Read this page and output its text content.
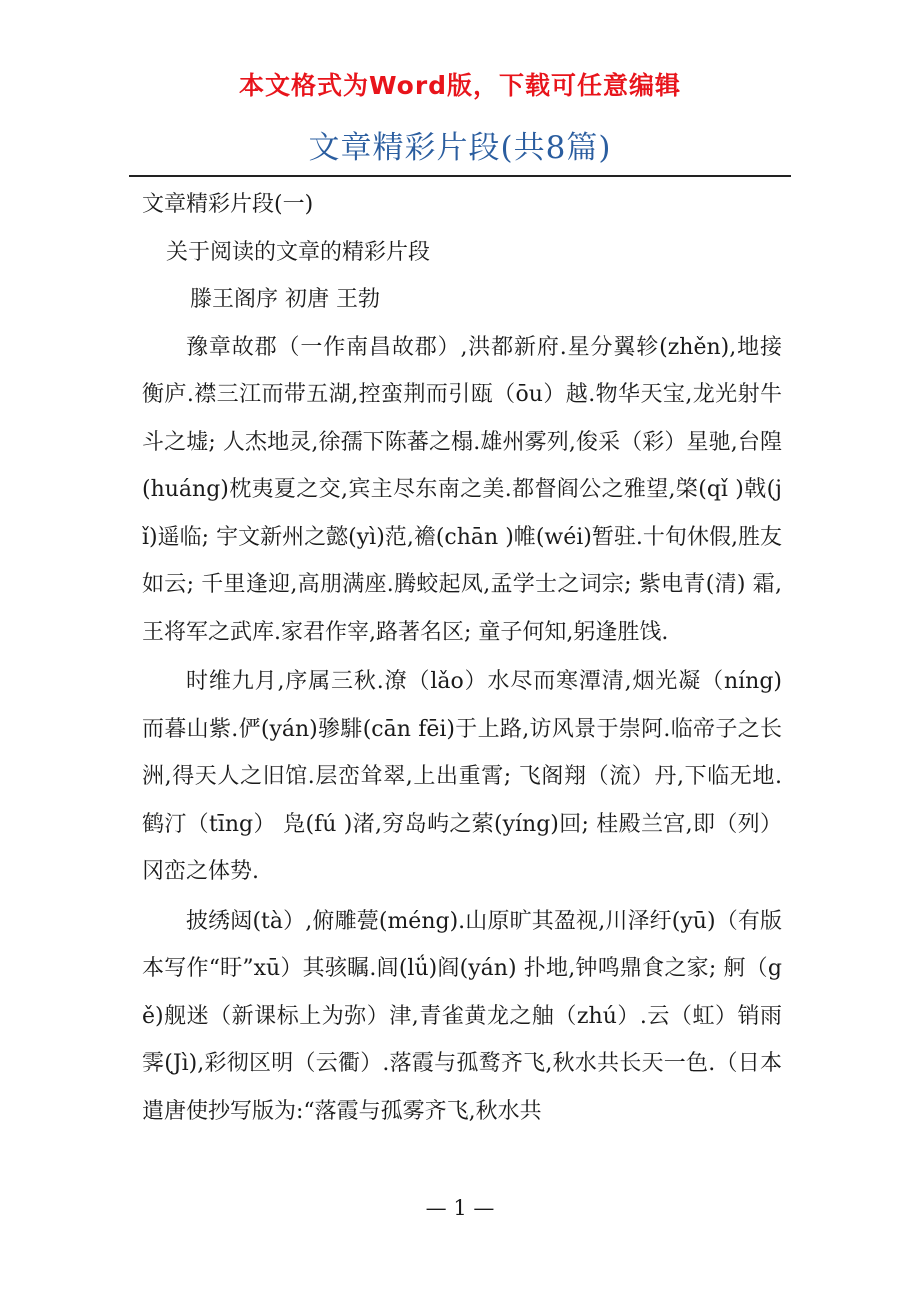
本文格式为Word版，下载可任意编辑
文章精彩片段(共8篇)

文章精彩片段(一)

关于阅读的文章的精彩片段

滕王阁序 初唐 王勃

豫章故郡（一作南昌故郡）,洪都新府.星分翼轸(zhěn),地接衡庐.襟三江而带五湖,控蛮荆而引瓯（ōu）越.物华天宝,龙光射牛斗之墟; 人杰地灵,徐孺下陈蕃之榻.雄州雾列,俊采（彩）星驰,台隍(huáng)枕夷夏之交,宾主尽东南之美.都督阎公之雅望,棨(qǐ )戟(jǐ)遥临; 宇文新州之懿(yì)范,襜(chān )帷(wéi)暂驻.十旬休假,胜友如云; 千里逢迎,高朋满座.腾蛟起凤,孟学士之词宗; 紫电青(清) 霜,王将军之武库.家君作宰,路著名区; 童子何知,躬逢胜饯.

时维九月,序属三秋.潦（lǎo）水尽而寒潭清,烟光凝（níng)而暮山紫.俨(yán)骖騑(cān fēi)于上路,访风景于崇阿.临帝子之长洲,得天人之旧馆.层峦耸翠,上出重霄; 飞阁翔（流）丹,下临无地.鹤汀（tīng） 凫(fú )渚,穷岛屿之萦(yíng)回; 桂殿兰宫,即（列）冈峦之体势.

披绣闼(tà）,俯雕甍(méng).山原旷其盈视,川泽纡(yū)（有版本写作“盱”xū）其骇瞩.闾(lǘ)阎(yán) 扑地,钟鸣鼎食之家; 舸（gě)舰迷（新课标上为弥）津,青雀黄龙之舳（zhú）.云（虹）销雨霁(Jì),彩彻区明（云衢）.落霞与孤鹜齐飞,秋水共长天一色.（日本遣唐使抄写版为:“落霞与孤雾齐飞,秋水共

— 1 —
